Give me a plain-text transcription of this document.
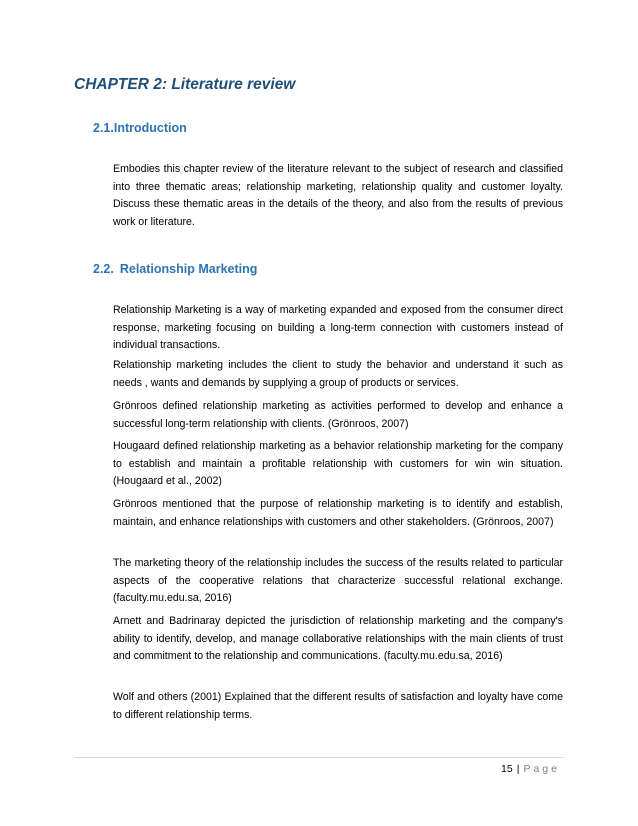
CHAPTER 2: Literature review
2.1.Introduction

Embodies this chapter review of the literature relevant to the subject of research and classified into three thematic areas; relationship marketing, relationship quality and customer loyalty. Discuss these thematic areas in the details of the theory, and also from the results of previous work or literature.

2.2. Relationship Marketing

Relationship Marketing is a way of marketing expanded and exposed from the consumer direct response, marketing focusing on building a long-term connection with customers instead of individual transactions.

Relationship marketing includes the client to study the behavior and understand it such as needs , wants and demands by supplying a group of products or services.

Grönroos defined relationship marketing as activities performed to develop and enhance a successful long-term relationship with clients. (Grönroos, 2007)

Hougaard defined relationship marketing as a behavior relationship marketing for the company to establish and maintain a profitable relationship with customers for win win situation. (Hougaard et al., 2002)

Grönroos mentioned that the purpose of relationship marketing is to identify and establish, maintain, and enhance relationships with customers and other stakeholders. (Grönroos, 2007)

The marketing theory of the relationship includes the success of the results related to particular aspects of the cooperative relations that characterize successful relational exchange. (faculty.mu.edu.sa, 2016)

Arnett and Badrinaray depicted the jurisdiction of relationship marketing and the company's ability to identify, develop, and manage collaborative relationships with the main clients of trust and commitment to the relationship and communications. (faculty.mu.edu.sa, 2016)

Wolf and others (2001) Explained that the different results of satisfaction and loyalty have come to different relationship terms.

15 | Page
